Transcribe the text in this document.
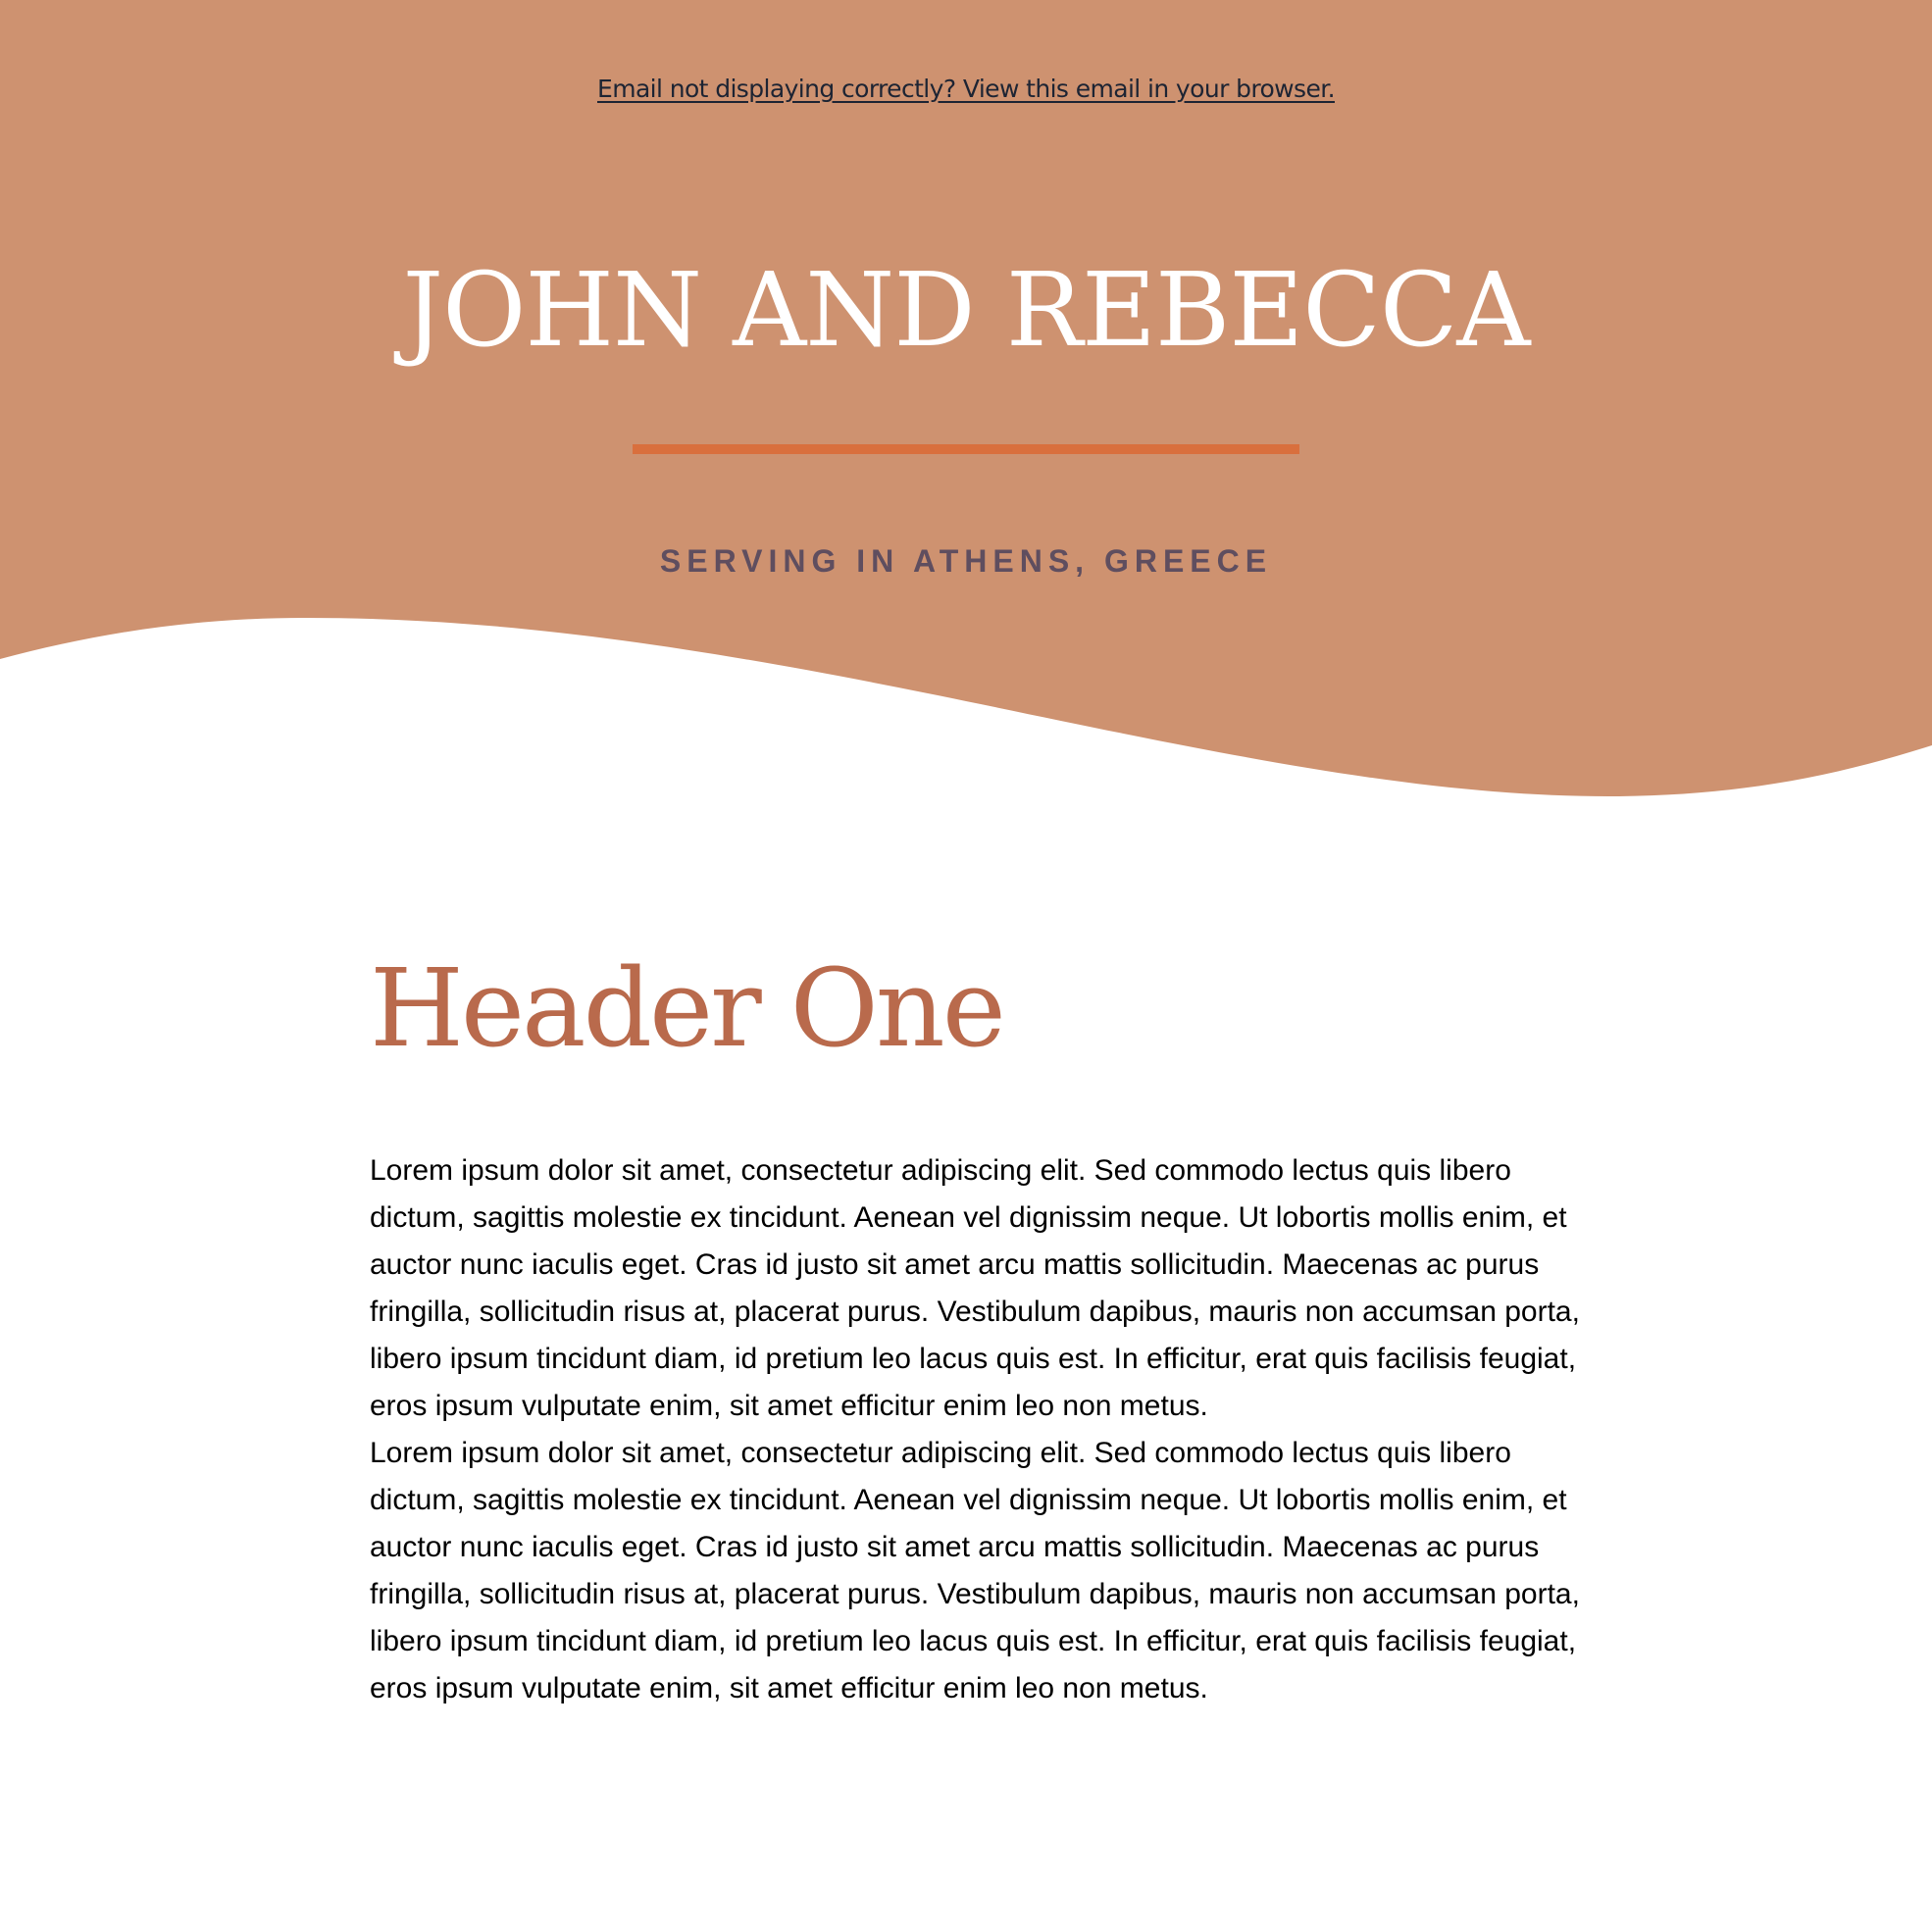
Email not displaying correctly? View this email in your browser.
JOHN AND REBECCA
SERVING IN ATHENS, GREECE
Header One

Lorem ipsum dolor sit amet, consectetur adipiscing elit. Sed commodo lectus quis libero dictum, sagittis molestie ex tincidunt. Aenean vel dignissim neque. Ut lobortis mollis enim, et auctor nunc iaculis eget. Cras id justo sit amet arcu mattis sollicitudin. Maecenas ac purus fringilla, sollicitudin risus at, placerat purus. Vestibulum dapibus, mauris non accumsan porta, libero ipsum tincidunt diam, id pretium leo lacus quis est. In efficitur, erat quis facilisis feugiat, eros ipsum vulputate enim, sit amet efficitur enim leo non metus.

Lorem ipsum dolor sit amet, consectetur adipiscing elit. Sed commodo lectus quis libero dictum, sagittis molestie ex tincidunt. Aenean vel dignissim neque. Ut lobortis mollis enim, et auctor nunc iaculis eget. Cras id justo sit amet arcu mattis sollicitudin. Maecenas ac purus fringilla, sollicitudin risus at, placerat purus. Vestibulum dapibus, mauris non accumsan porta, libero ipsum tincidunt diam, id pretium leo lacus quis est. In efficitur, erat quis facilisis feugiat, eros ipsum vulputate enim, sit amet efficitur enim leo non metus.
